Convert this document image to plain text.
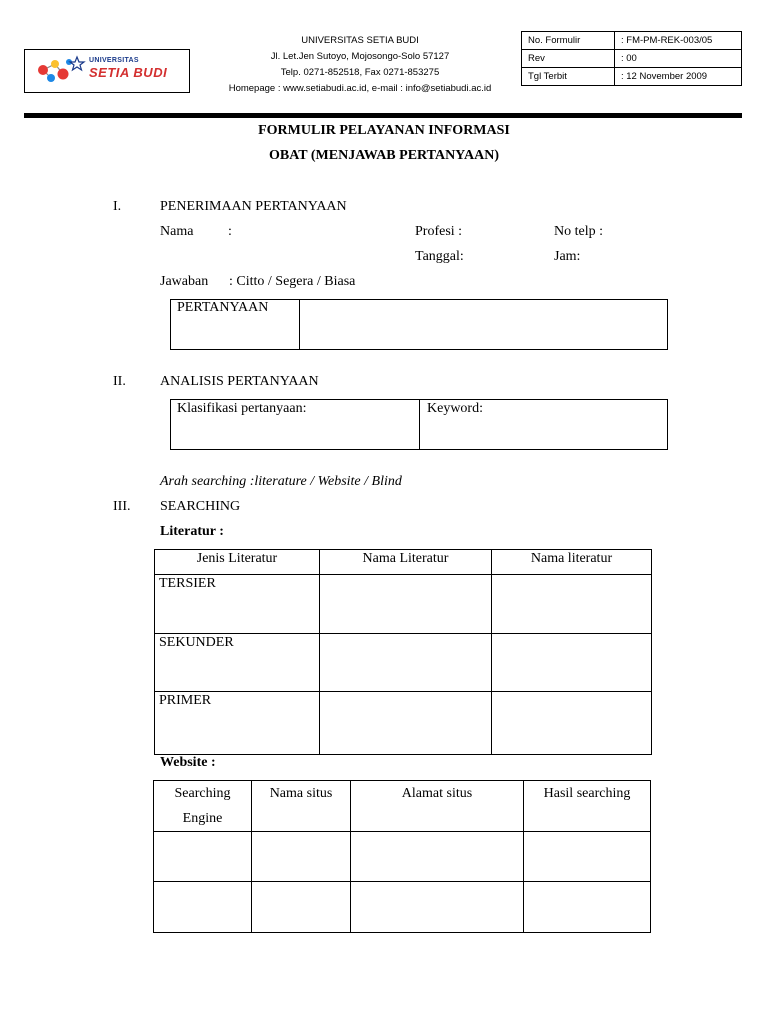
UNIVERSITAS
SETIA BUDI
UNIVERSITAS SETIA BUDI
Jl. Let.Jen Sutoyo, Mojosongo-Solo 57127
Telp. 0271-852518, Fax 0271-853275
Homepage : www.setiabudi.ac.id, e-mail : info@setiabudi.ac.id
No. Formulir	: FM-PM-REK-003/05
Rev	: 00
Tgl Terbit	: 12 November 2009
FORMULIR PELAYANAN INFORMASI
OBAT (MENJAWAB PERTANYAAN)
I.	PENERIMAAN PERTANYAAN
Nama :	Profesi :	No telp :
Tanggal:	Jam:
Jawaban : Citto / Segera / Biasa
PERTANYAAN
II. ANALISIS PERTANYAAN
Klasifikasi pertanyaan:	Keyword:
Arah searching :literature / Website / Blind
III. SEARCHING
Literatur :
Jenis Literatur	Nama Literatur	Nama literatur
TERSIER		
SEKUNDER		
PRIMER		
Website :
Searching
Engine	Nama situs	Alamat situs	Hasil searching
